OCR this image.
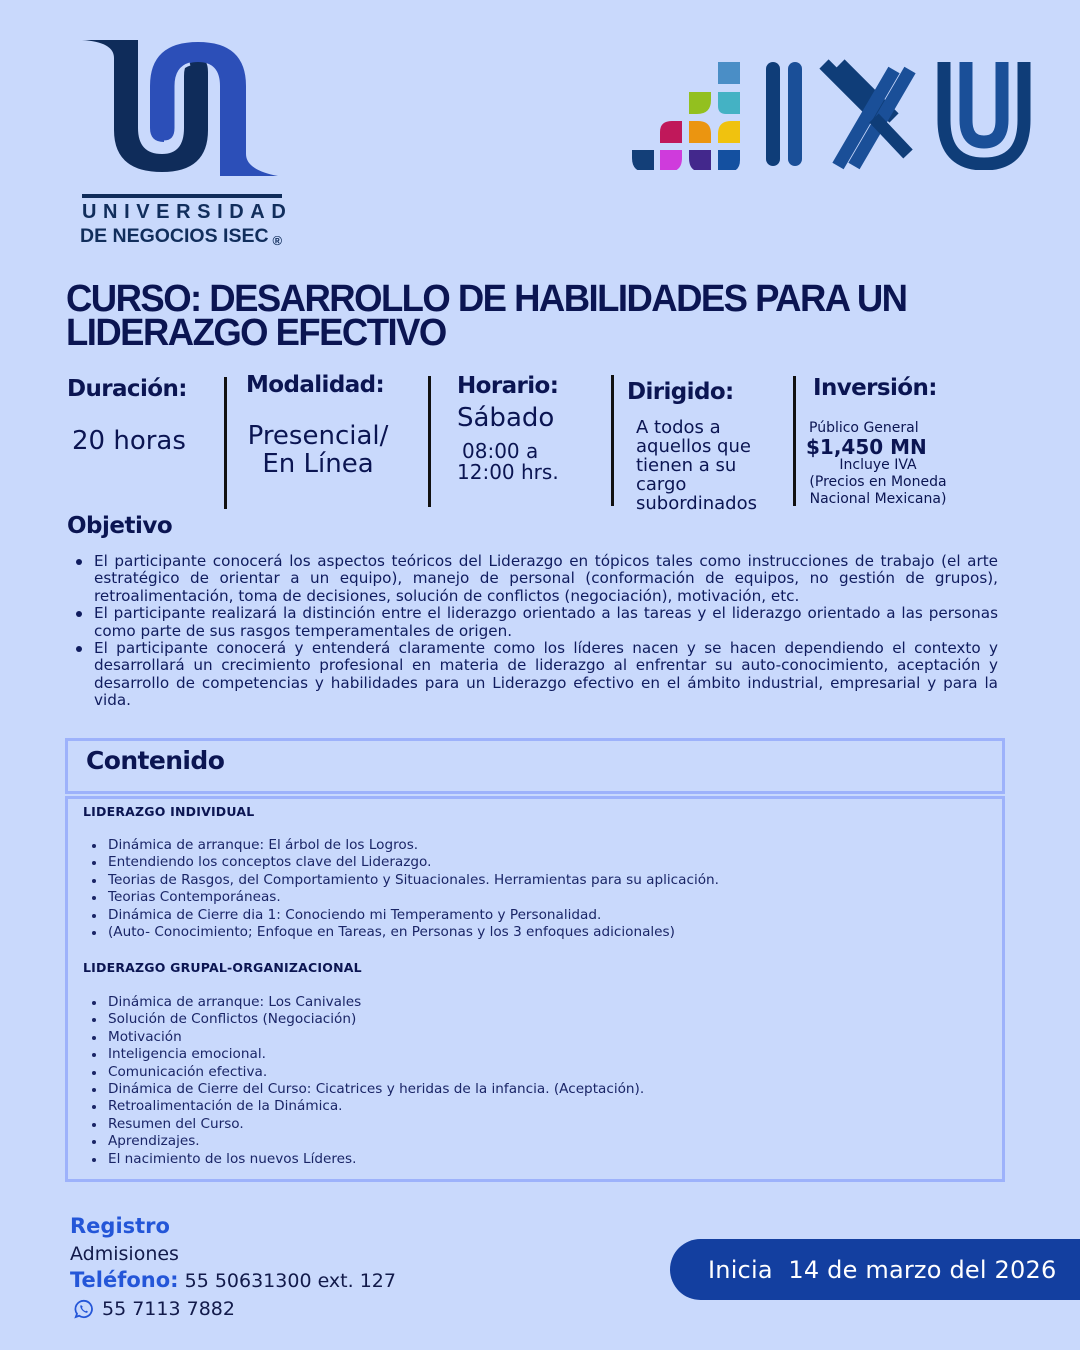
UNIVERSIDAD
DE NEGOCIOS ISEC ®
CURSO: DESARROLLO DE HABILIDADES PARA UN LIDERAZGO EFECTIVO
Duración:
20 horas
Modalidad:
Presencial/
En Línea
Horario:
Sábado
08:00 a
12:00 hrs.
Dirigido:
A todos a
aquellos que
tienen a su
cargo
subordinados
Inversión:
Público General
$1,450 MN
Incluye IVA
(Precios en Moneda
Nacional Mexicana)
Objetivo
El participante conocerá los aspectos teóricos del Liderazgo en tópicos tales como instrucciones de trabajo (el arte estratégico de orientar a un equipo), manejo de personal (conformación de equipos, no gestión de grupos), retroalimentación, toma de decisiones, solución de conflictos (negociación), motivación, etc.
El participante realizará la distinción entre el liderazgo orientado a las tareas y el liderazgo orientado a las personas como parte de sus rasgos temperamentales de origen.
El participante conocerá y entenderá claramente como los líderes nacen y se hacen dependiendo el contexto y desarrollará un crecimiento profesional en materia de liderazgo al enfrentar su auto-conocimiento, aceptación y desarrollo de competencias y habilidades para un Liderazgo efectivo en el ámbito industrial, empresarial y para la vida.
Contenido
LIDERAZGO INDIVIDUAL
Dinámica de arranque: El árbol de los Logros.
Entendiendo los conceptos clave del Liderazgo.
Teorias de Rasgos, del Comportamiento y Situacionales. Herramientas para su aplicación.
Teorias Contemporáneas.
Dinámica de Cierre dia 1: Conociendo mi Temperamento y Personalidad.
(Auto- Conocimiento; Enfoque en Tareas, en Personas y los 3 enfoques adicionales)
LIDERAZGO GRUPAL-ORGANIZACIONAL
Dinámica de arranque: Los Canivales
Solución de Conflictos (Negociación)
Motivación
Inteligencia emocional.
Comunicación efectiva.
Dinámica de Cierre del Curso: Cicatrices y heridas de la infancia. (Aceptación).
Retroalimentación de la Dinámica.
Resumen del Curso.
Aprendizajes.
El nacimiento de los nuevos Líderes.
Registro
Admisiones
Teléfono: 55 50631300 ext. 127
55 7113 7882
Inicia  14 de marzo del 2026
